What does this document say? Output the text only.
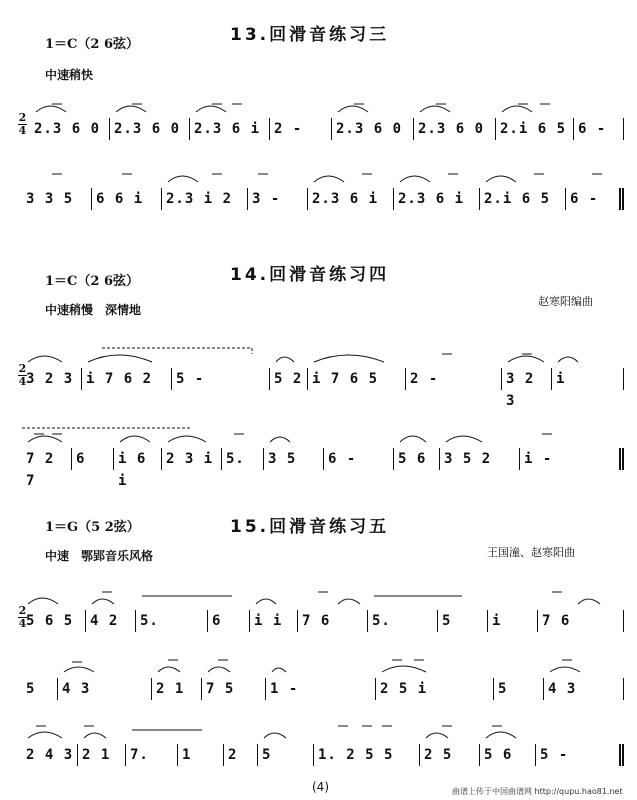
1＝C（2 6弦）	13.回滑音练习三
中速稍快
2
4 2.3 6 0 2.3 6 0 2.3 6 i 2 -	2.3 6 0	2.3 6 0	2.i 6 5 6 -
3 3 5	6 6 i	2.3 i 2	3 -	2.3 6 i	2.3 6 i	2.i 6 5	6 -
1＝C（2 6弦）	14.回滑音练习四
中速稍慢　深情地
赵寒阳编曲
2
4 3 2 3 i 7 6 2	5 -	5 2 i 7 6 5	2 -	3 2 3
i
7 2 7
6	i 6 i
2 3 i 5.	3 5	6 -	5 6	3 5 2	i -
1＝G（5 2弦）	15.回滑音练习五
中速　鄂郢音乐风格	王国潼、赵寒阳曲
2
4 5 6 5	4 2	5.	6	i i	7 6	5.	5	i	7 6
5	4 3	2 1	7 5	1 -	2 5 i	5	4 3
2 4 3 2 1	7.	1	2	5	1. 2 5 5	2 5	5 6	5 -
(4)	曲谱上传于中国曲谱网 http://qupu.hao81.net
